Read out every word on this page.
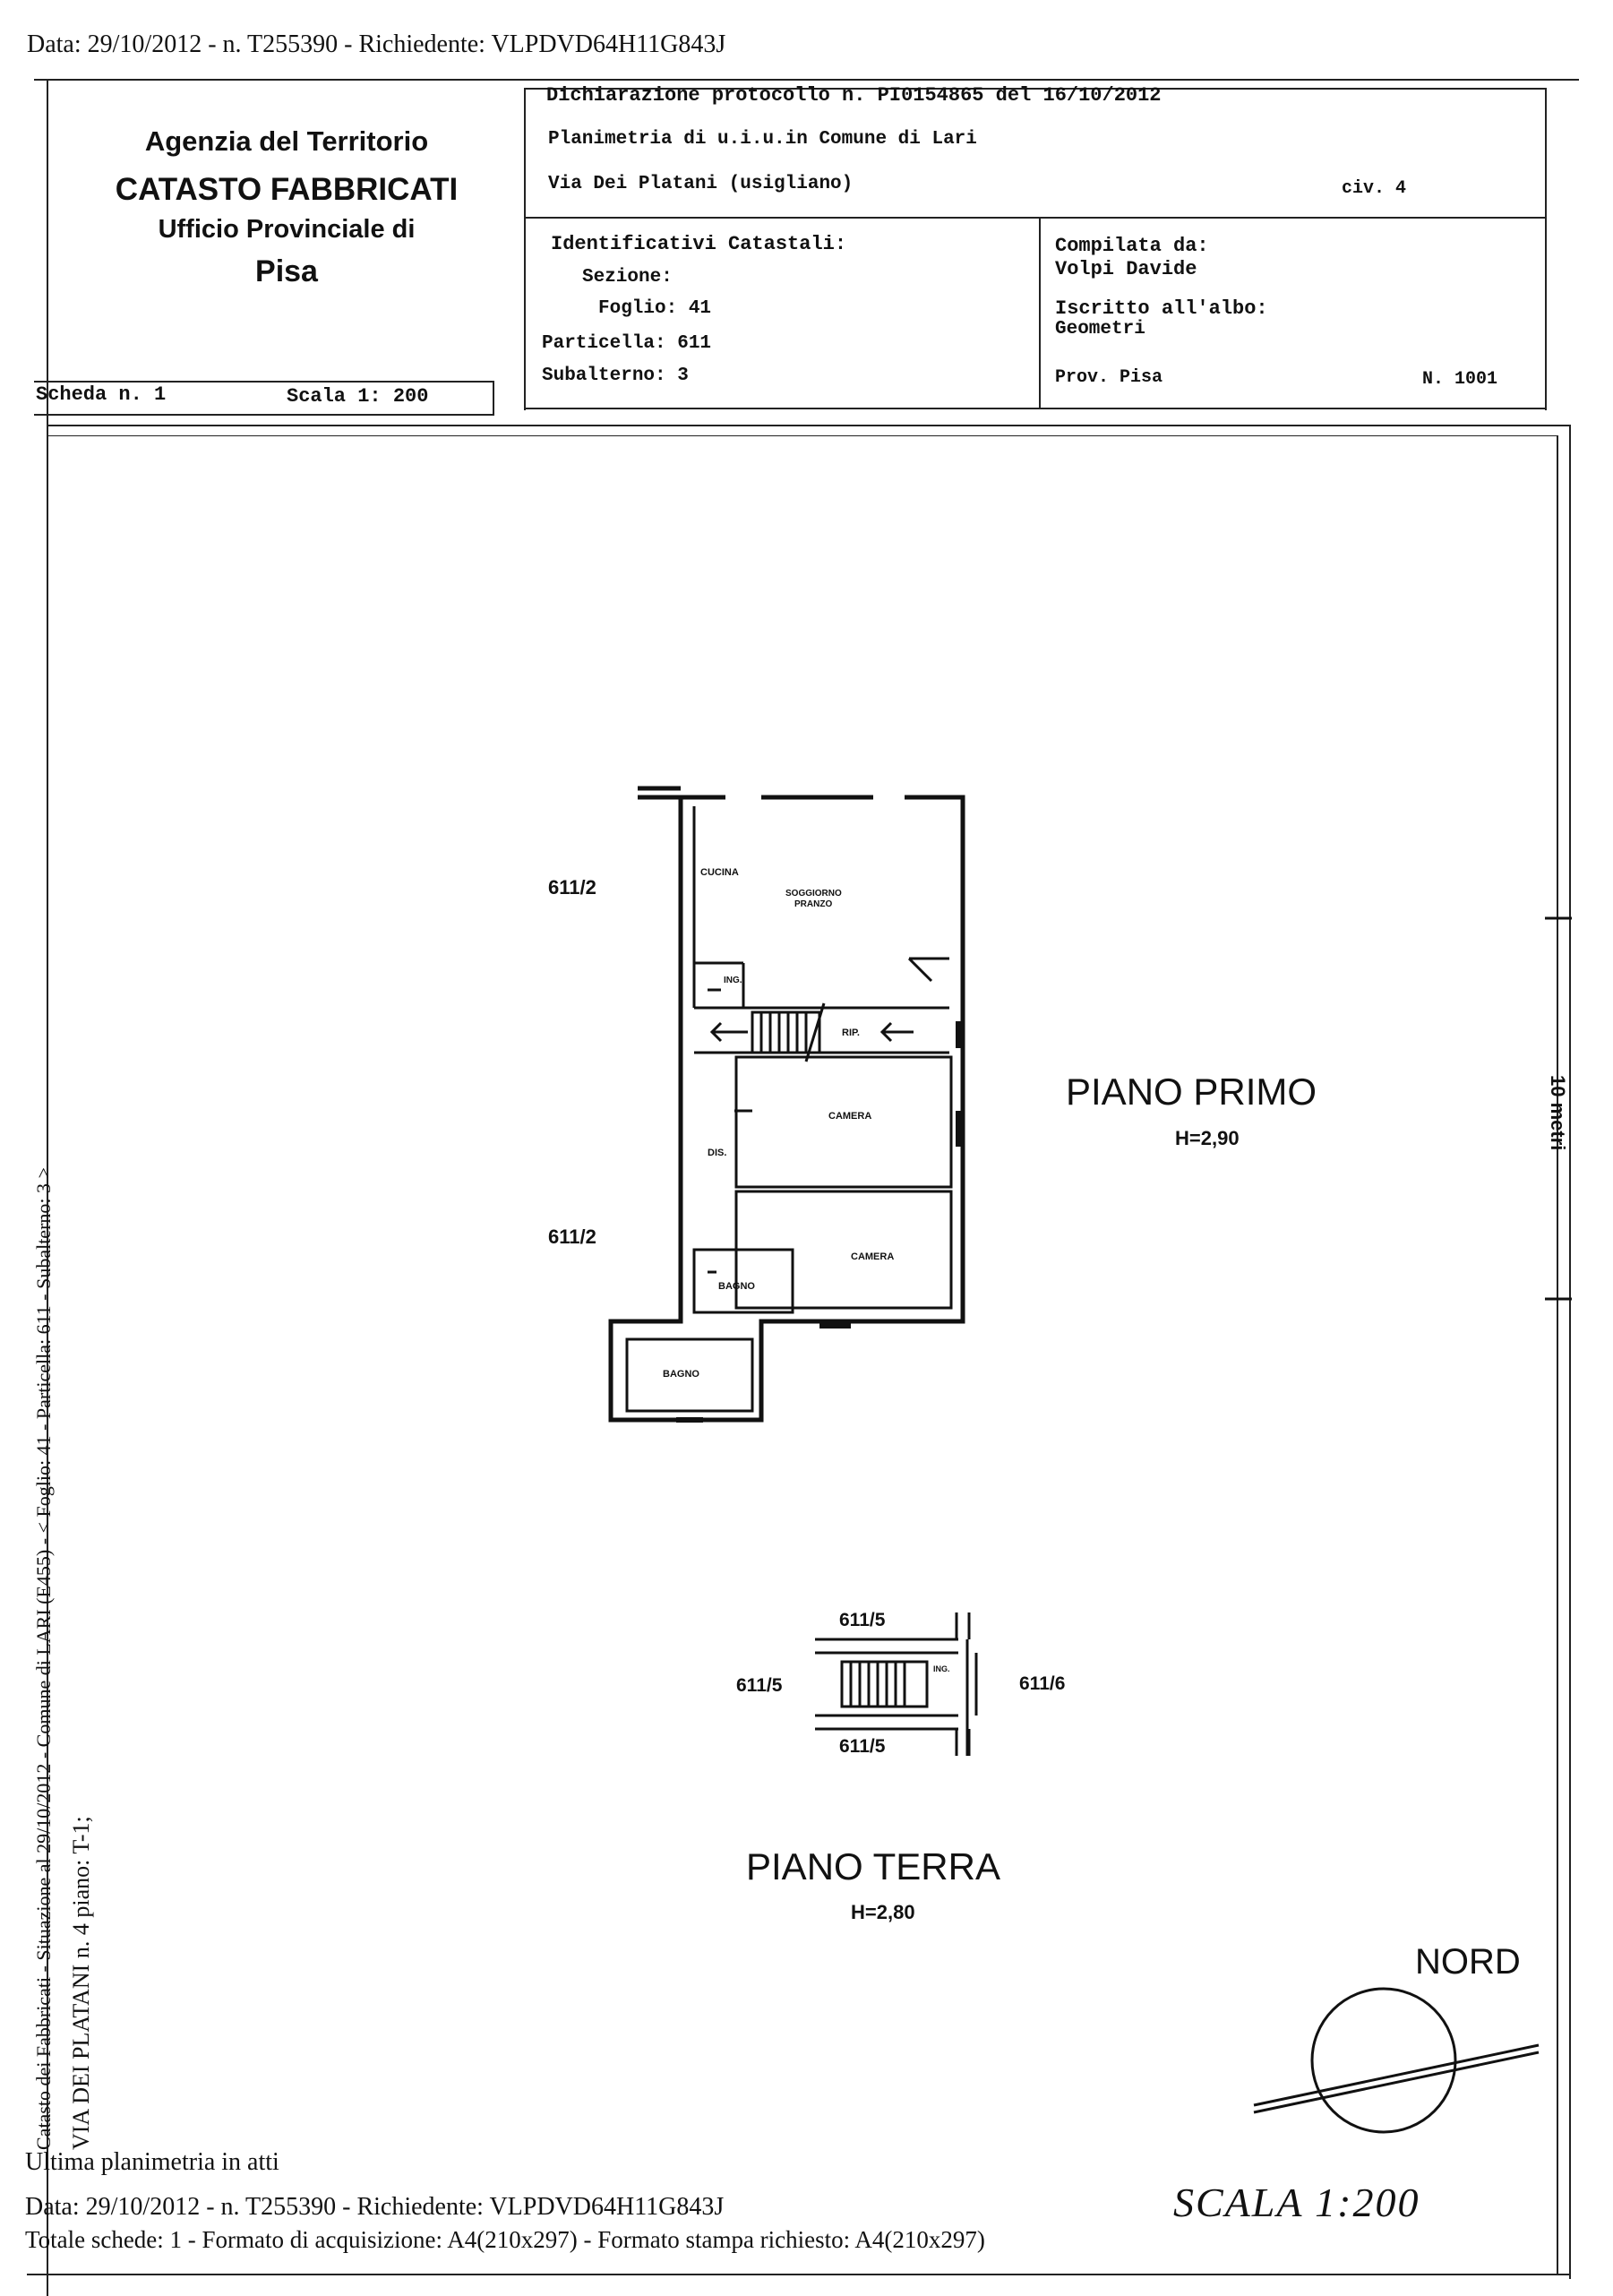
Data: 29/10/2012 - n. T255390 - Richiedente: VLPDVD64H11G843J
Agenzia del Territorio
CATASTO FABBRICATI
Ufficio Provinciale di
Pisa
Scheda n. 1	Scala 1: 200
Dichiarazione protocollo n. PI0154865 del 16/10/2012
Planimetria di u.i.u.in Comune di Lari
Via Dei Platani (usigliano)	civ. 4
Identificativi Catastali:
Sezione:
Foglio: 41
Particella: 611
Subalterno: 3
Compilata da:
Volpi Davide
Iscritto all'albo:
Geometri
Prov. Pisa	N. 1001
611/2
611/2
CUCINA
SOGGIORNO
PRANZO
ING.
RIP.
CAMERA
DIS.
CAMERA
BAGNO
BAGNO
PIANO PRIMO
H=2,90
611/5
611/5	611/6
611/5
ING.
PIANO TERRA
H=2,80
NORD
10 metri
Catasto dei Fabbricati - Situazione al 29/10/2012 - Comune di LARI (E455) - < Foglio: 41 - Particella: 611 - Subalterno: 3 > VIA DEI PLATANI n. 4 piano: T-1;
Ultima planimetria in atti
Data: 29/10/2012 - n. T255390 - Richiedente: VLPDVD64H11G843J
Totale schede: 1 - Formato di acquisizione: A4(210x297) - Formato stampa richiesto: A4(210x297)
SCALA 1:200
